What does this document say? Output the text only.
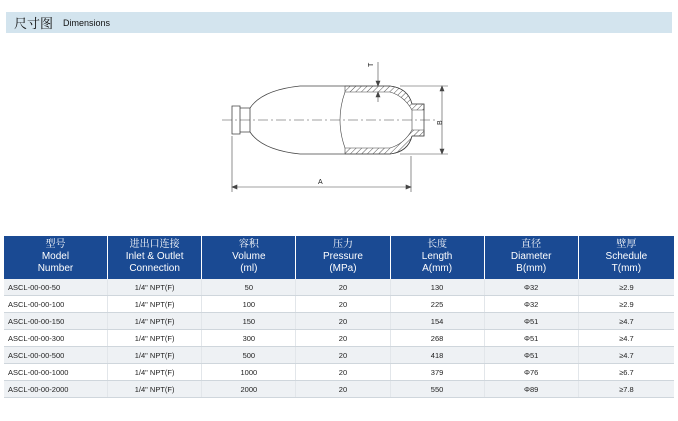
尺寸图 Dimensions
T
B
A
型号
Model
Number	进出口连接
Inlet & Outlet
Connection	容积
Volume
(ml)	压力
Pressure
(MPa)	长度
Length
A(mm)	直径
Diameter
B(mm)	壁厚
Schedule
T(mm)

ASCL-00-00-50	1/4" NPT(F)	50	20	130	Φ32	≥2.9
ASCL-00-00-100	1/4" NPT(F)	100	20	225	Φ32	≥2.9
ASCL-00-00-150	1/4" NPT(F)	150	20	154	Φ51	≥4.7
ASCL-00-00-300	1/4" NPT(F)	300	20	268	Φ51	≥4.7
ASCL-00-00-500	1/4" NPT(F)	500	20	418	Φ51	≥4.7
ASCL-00-00-1000	1/4" NPT(F)	1000	20	379	Φ76	≥6.7
ASCL-00-00-2000	1/4" NPT(F)	2000	20	550	Φ89	≥7.8
